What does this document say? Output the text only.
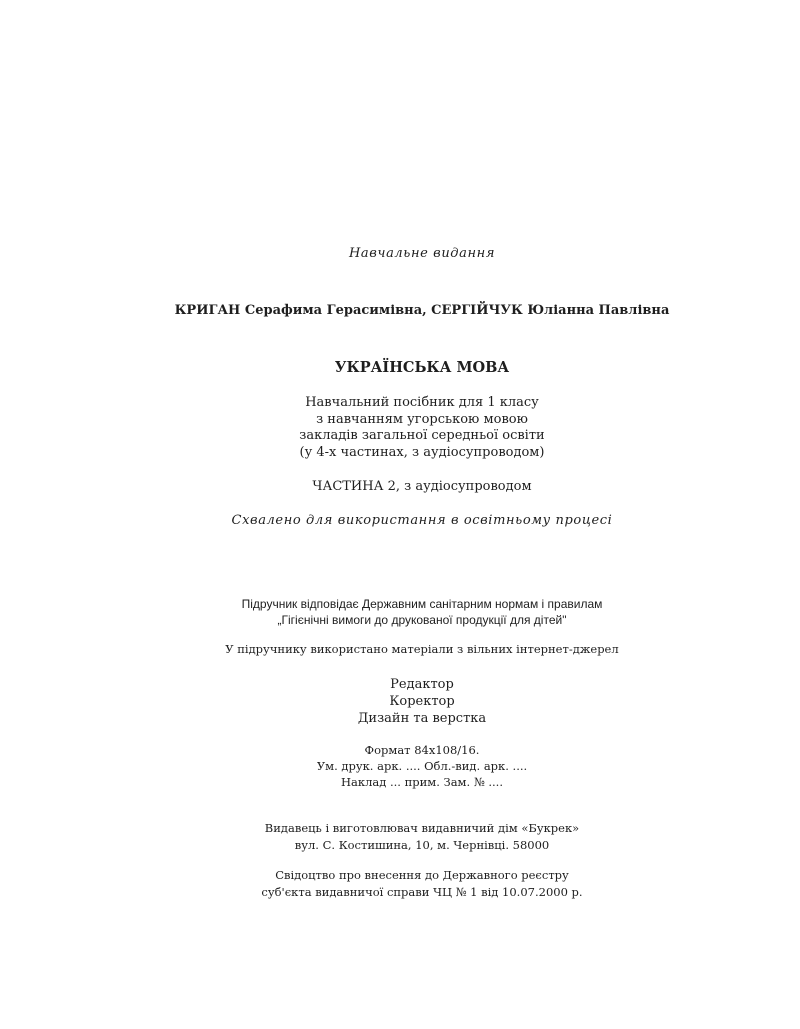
Навчальне видання
КРИГАН Серафима Герасимівна, СЕРГІЙЧУК Юліанна Павлівна
УКРАЇНСЬКА МОВА
Навчальний посібник для 1 класу
з навчанням угорською мовою
закладів загальної середньої освіти
(у 4-х частинах, з аудіосупроводом)
ЧАСТИНА 2, з аудіосупроводом
Схвалено для використання в освітньому процесі
Підручник відповідає Державним санітарним нормам і правилам
„Гігієнічні вимоги до друкованої продукції для дітей"
У підручнику використано матеріали з вільних інтернет-джерел
Редактор
Коректор
Дизайн та верстка
Формат 84х108/16.
Ум. друк. арк. .... Обл.-вид. арк. ....
Наклад ... прим. Зам. № ....
Видавець і виготовлювач видавничий дім «Букрек»
вул. С. Костишина, 10, м. Чернівці. 58000
Свідоцтво про внесення до Державного реєстру
суб'єкта видавничої справи ЧЦ № 1 від 10.07.2000 р.
